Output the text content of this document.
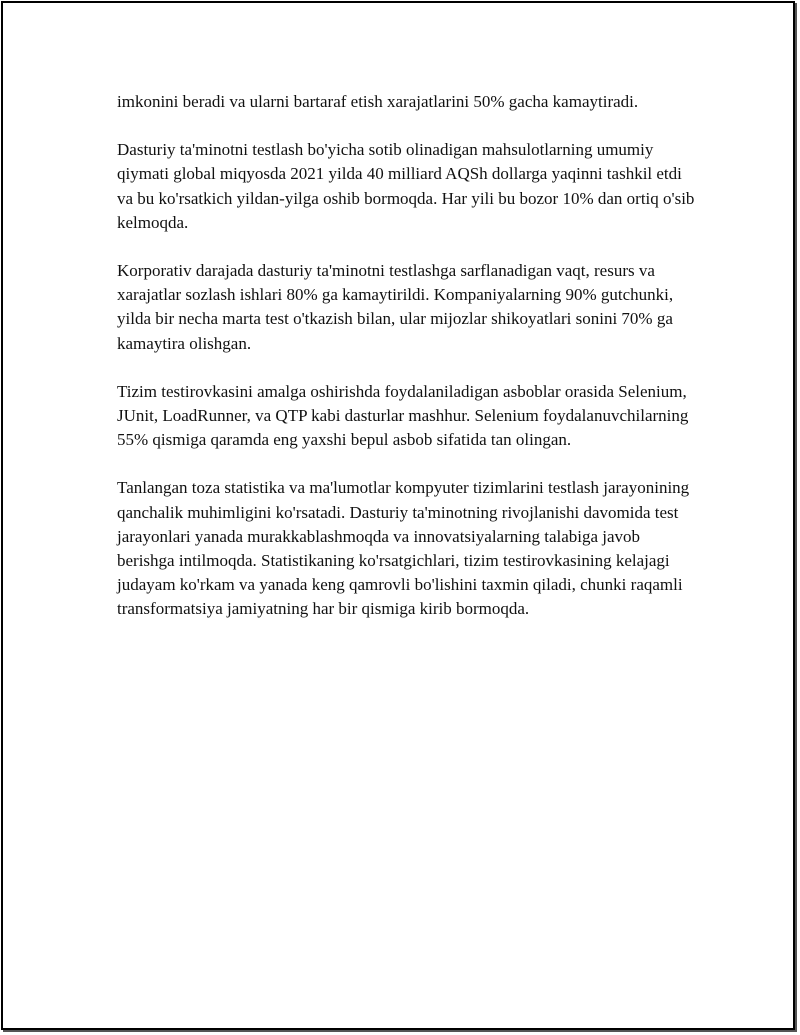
imkonini beradi va ularni bartaraf etish xarajatlarini 50% gacha kamaytiradi.

Dasturiy ta'minotni testlash bo'yicha sotib olinadigan mahsulotlarning umumiy qiymati global miqyosda 2021 yilda 40 milliard AQSh dollarga yaqinni tashkil etdi va bu ko'rsatkich yildan-yilga oshib bormoqda. Har yili bu bozor 10% dan ortiq o'sib kelmoqda.

Korporativ darajada dasturiy ta'minotni testlashga sarflanadigan vaqt, resurs va xarajatlar sozlash ishlari 80% ga kamaytirildi. Kompaniyalarning 90% gutchunki, yilda bir necha marta test o'tkazish bilan, ular mijozlar shikoyatlari sonini 70% ga kamaytira olishgan.

Tizim testirovkasini amalga oshirishda foydalaniladigan asboblar orasida Selenium, JUnit, LoadRunner, va QTP kabi dasturlar mashhur. Selenium foydalanuvchilarning 55% qismiga qaramda eng yaxshi bepul asbob sifatida tan olingan.

Tanlangan toza statistika va ma'lumotlar kompyuter tizimlarini testlash jarayonining qanchalik muhimligini ko'rsatadi. Dasturiy ta'minotning rivojlanishi davomida test jarayonlari yanada murakkablashmoqda va innovatsiyalarning talabiga javob berishga intilmoqda. Statistikaning ko'rsatgichlari, tizim testirovkasining kelajagi judayam ko'rkam va yanada keng qamrovli bo'lishini taxmin qiladi, chunki raqamli transformatsiya jamiyatning har bir qismiga kirib bormoqda.
